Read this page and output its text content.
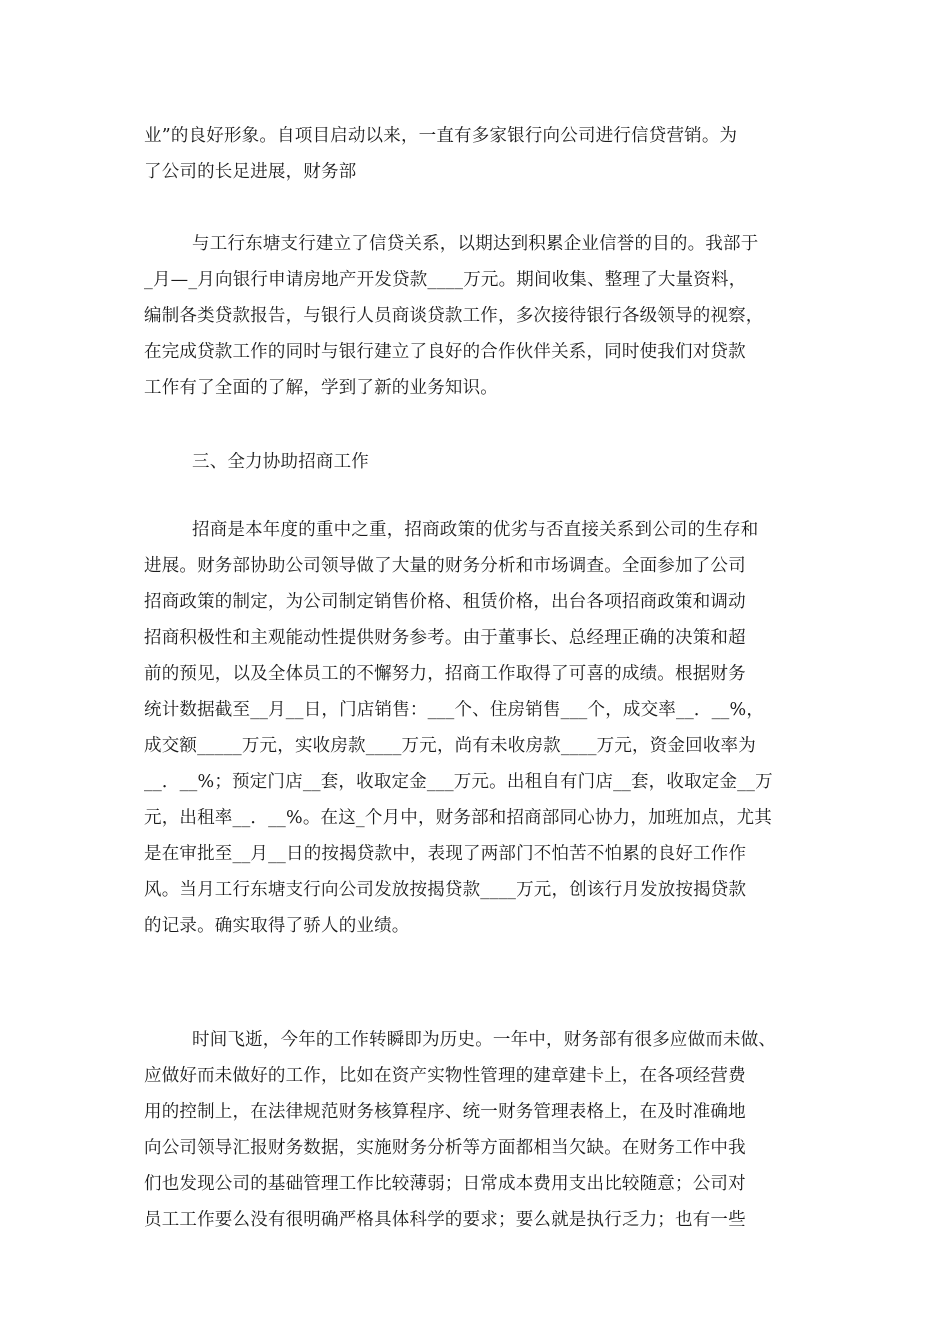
业”的良好形象。自项目启动以来，一直有多家银行向公司进行信贷营销。为
了公司的长足进展，财务部
与工行东塘支行建立了信贷关系，以期达到积累企业信誉的目的。我部于
_月—_月向银行申请房地产开发贷款____万元。期间收集、整理了大量资料，
编制各类贷款报告，与银行人员商谈贷款工作，多次接待银行各级领导的视察，
在完成贷款工作的同时与银行建立了良好的合作伙伴关系，同时使我们对贷款
工作有了全面的了解，学到了新的业务知识。
三、全力协助招商工作
招商是本年度的重中之重，招商政策的优劣与否直接关系到公司的生存和
进展。财务部协助公司领导做了大量的财务分析和市场调查。全面参加了公司
招商政策的制定，为公司制定销售价格、租赁价格，出台各项招商政策和调动
招商积极性和主观能动性提供财务参考。由于董事长、总经理正确的决策和超
前的预见，以及全体员工的不懈努力，招商工作取得了可喜的成绩。根据财务
统计数据截至__月__日，门店销售：___个、住房销售___个，成交率__．__%，
成交额_____万元，实收房款____万元，尚有未收房款____万元，资金回收率为
__．__%；预定门店__套，收取定金___万元。出租自有门店__套，收取定金__万
元，出租率__．__%。在这_个月中，财务部和招商部同心协力，加班加点，尤其
是在审批至__月__日的按揭贷款中，表现了两部门不怕苦不怕累的良好工作作
风。当月工行东塘支行向公司发放按揭贷款____万元，创该行月发放按揭贷款
的记录。确实取得了骄人的业绩。
时间飞逝，今年的工作转瞬即为历史。一年中，财务部有很多应做而未做、
应做好而未做好的工作，比如在资产实物性管理的建章建卡上，在各项经营费
用的控制上，在法律规范财务核算程序、统一财务管理表格上，在及时准确地
向公司领导汇报财务数据，实施财务分析等方面都相当欠缺。在财务工作中我
们也发现公司的基础管理工作比较薄弱；日常成本费用支出比较随意；公司对
员工工作要么没有很明确严格具体科学的要求；要么就是执行乏力；也有一些
